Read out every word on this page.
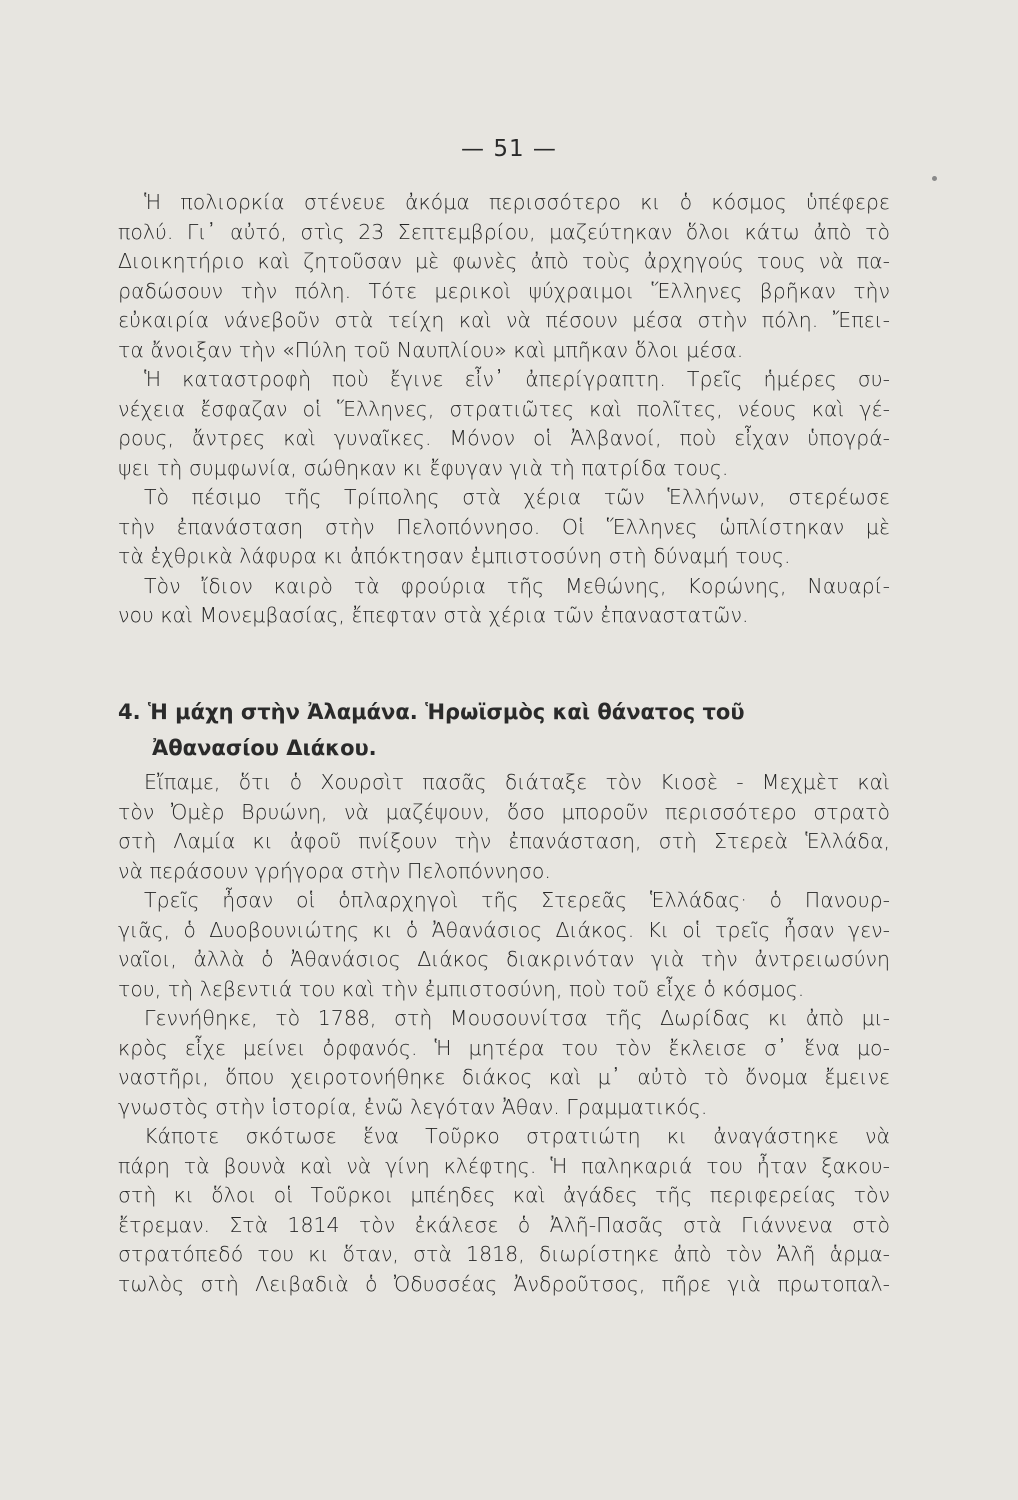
— 51 —
Ἡ πολιορκία στένευε ἀκόμα περισσότερο κι ὁ κόσμος ὑπέφερε
πολύ. Γι᾽ αὐτό, στὶς 23 Σεπτεμβρίου, μαζεύτηκαν ὅλοι κάτω ἀπὸ τὸ
Διοικητήριο καὶ ζητοῦσαν μὲ φωνὲς ἀπὸ τοὺς ἀρχηγούς τους νὰ πα-
ραδώσουν τὴν πόλη. Τότε μερικοὶ ψύχραιμοι Ἕλληνες βρῆκαν τὴν
εὐκαιρία νάνεβοῦν στὰ τείχη καὶ νὰ πέσουν μέσα στὴν πόλη. Ἔπει-
τα ἄνοιξαν τὴν «Πύλη τοῦ Ναυπλίου» καὶ μπῆκαν ὅλοι μέσα.
Ἡ καταστροφὴ ποὺ ἔγινε εἶν᾽ ἀπερίγραπτη. Τρεῖς ἡμέρες συ-
νέχεια ἔσφαζαν οἱ Ἕλληνες, στρατιῶτες καὶ πολῖτες, νέους καὶ γέ-
ρους, ἄντρες καὶ γυναῖκες. Μόνον οἱ Ἀλβανοί, ποὺ εἶχαν ὑπογρά-
ψει τὴ συμφωνία, σώθηκαν κι ἔφυγαν γιὰ τὴ πατρίδα τους.
Τὸ πέσιμο τῆς Τρίπολης στὰ χέρια τῶν Ἑλλήνων, στερέωσε
τὴν ἐπανάσταση στὴν Πελοπόννησο. Οἱ Ἕλληνες ὡπλίστηκαν μὲ
τὰ ἐχθρικὰ λάφυρα κι ἀπόκτησαν ἐμπιστοσύνη στὴ δύναμή τους.
Τὸν ἴδιον καιρὸ τὰ φρούρια τῆς Μεθώνης, Κορώνης, Ναυαρί-
νου καὶ Μονεμβασίας, ἔπεφταν στὰ χέρια τῶν ἐπαναστατῶν.
4. Ἡ μάχη στὴν Ἀλαμάνα. Ἡρωϊσμὸς καὶ θάνατος τοῦ
Ἀθανασίου Διάκου.
Εἴπαμε, ὅτι ὁ Χουρσὶτ πασᾶς διάταξε τὸν Κιοσὲ - Μεχμὲτ καὶ
τὸν Ὀμὲρ Βρυώνη, νὰ μαζέψουν, ὅσο μποροῦν περισσότερο στρατὸ
στὴ Λαμία κι ἀφοῦ πνίξουν τὴν ἐπανάσταση, στὴ Στερεὰ Ἑλλάδα,
νὰ περάσουν γρήγορα στὴν Πελοπόννησο.
Τρεῖς ἦσαν οἱ ὁπλαρχηγοὶ τῆς Στερεᾶς Ἑλλάδας· ὁ Πανουρ-
γιᾶς, ὁ Δυοβουνιώτης κι ὁ Ἀθανάσιος Διάκος. Κι οἱ τρεῖς ἦσαν γεν-
ναῖοι, ἀλλὰ ὁ Ἀθανάσιος Διάκος διακρινόταν γιὰ τὴν ἀντρειωσύνη
του, τὴ λεβεντιά του καὶ τὴν ἐμπιστοσύνη, ποὺ τοῦ εἶχε ὁ κόσμος.
Γεννήθηκε, τὸ 1788, στὴ Μουσουνίτσα τῆς Δωρίδας κι ἀπὸ μι-
κρὸς εἶχε μείνει ὀρφανός. Ἡ μητέρα του τὸν ἔκλεισε σ᾽ ἕνα μο-
ναστῆρι, ὅπου χειροτονήθηκε διάκος καὶ μ᾽ αὐτὸ τὸ ὄνομα ἔμεινε
γνωστὸς στὴν ἱστορία, ἐνῶ λεγόταν Ἀθαν. Γραμματικός.
Κάποτε σκότωσε ἕνα Τοῦρκο στρατιώτη κι ἀναγάστηκε νὰ
πάρη τὰ βουνὰ καὶ νὰ γίνη κλέφτης. Ἡ παληκαριά του ἦταν ξακου-
στὴ κι ὅλοι οἱ Τοῦρκοι μπέηδες καὶ ἀγάδες τῆς περιφερείας τὸν
ἔτρεμαν. Στὰ 1814 τὸν ἐκάλεσε ὁ Ἀλῆ-Πασᾶς στὰ Γιάννενα στὸ
στρατόπεδό του κι ὅταν, στὰ 1818, διωρίστηκε ἀπὸ τὸν Ἀλῆ ἁρμα-
τωλὸς στὴ Λειβαδιὰ ὁ Ὀδυσσέας Ἀνδροῦτσος, πῆρε γιὰ πρωτοπαλ-
